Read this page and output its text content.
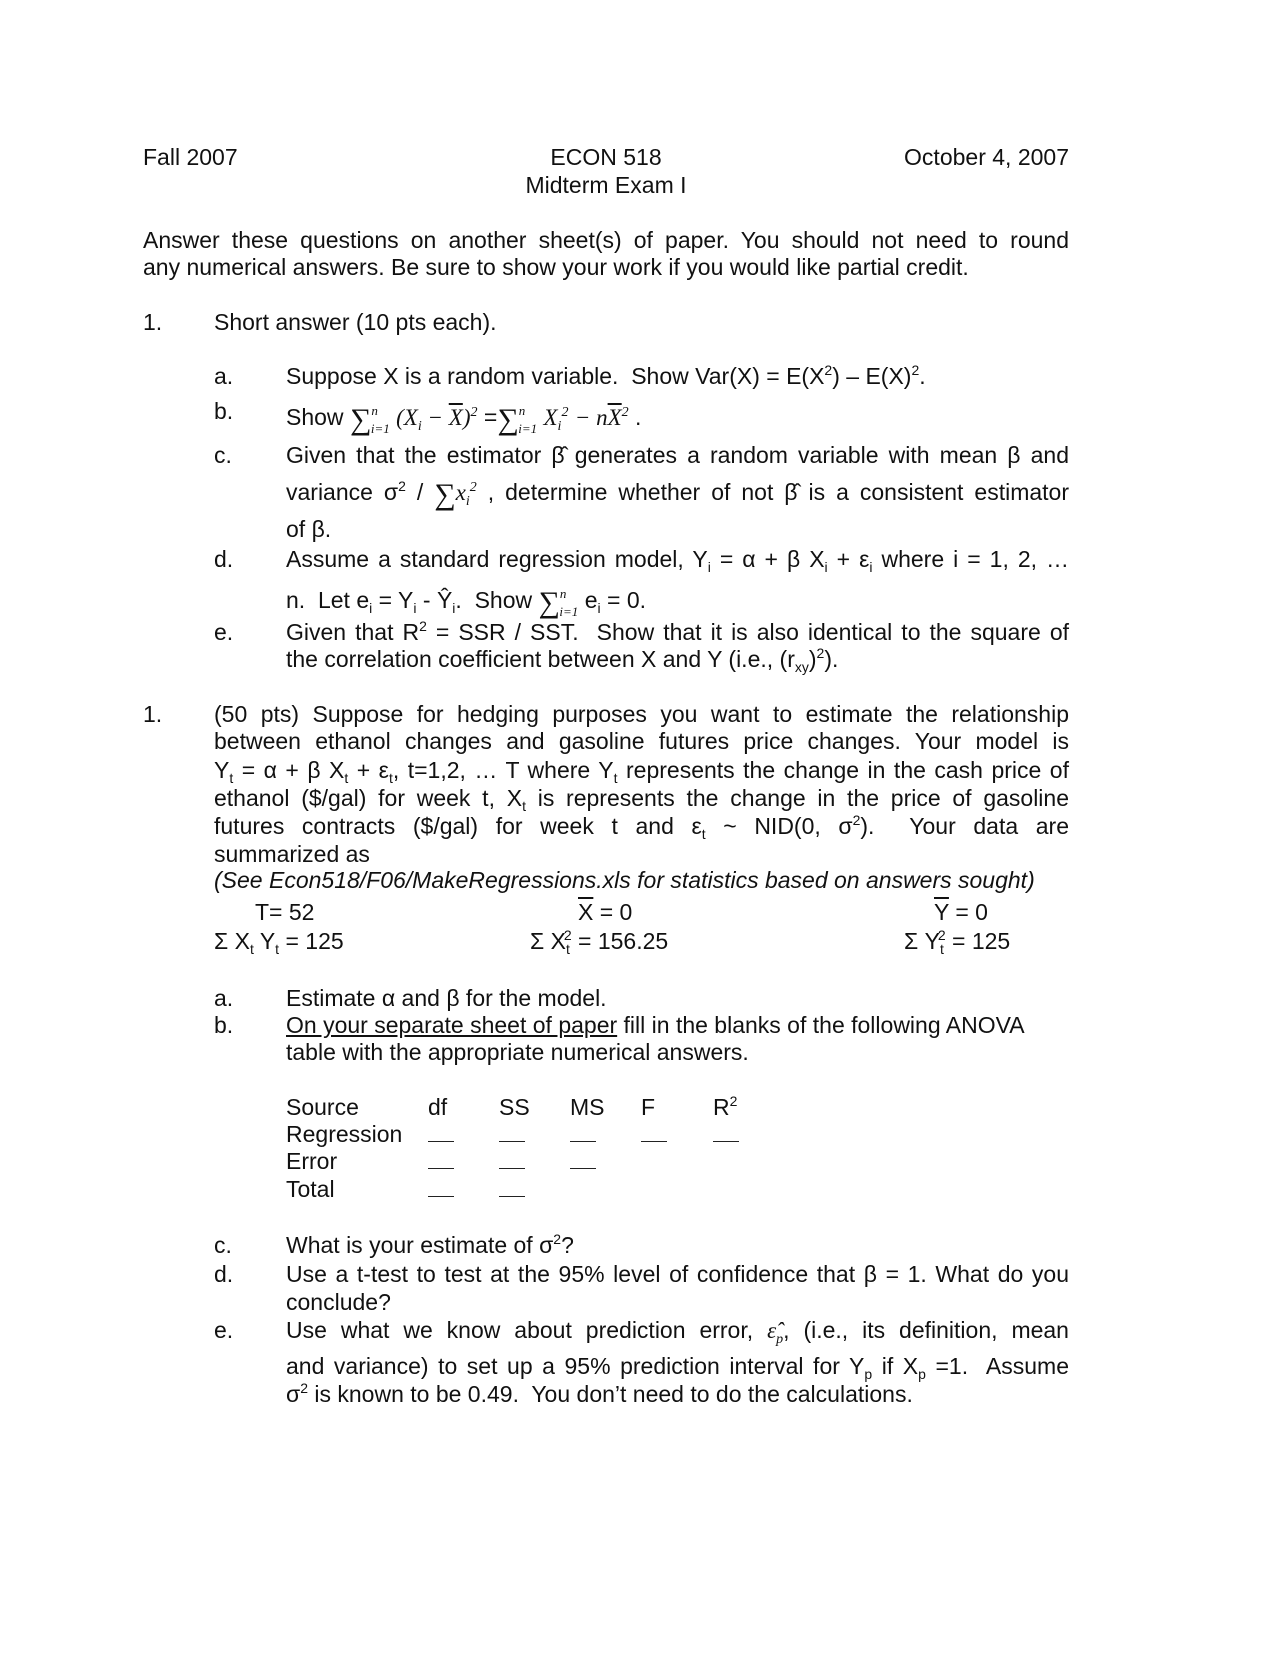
Fall 2007	ECON 518
Midterm Exam I
October 4, 2007
Answer these questions on another sheet(s) of paper. You should not need to round
any numerical answers. Be sure to show your work if you would like partial credit.
1. Short answer (10 pts each).
a. Suppose X is a random variable.  Show $Var(X) = E(X^2) - E(X)^2$.
b. Show ∑$^n_{i=1}$ $(X_i - \overline{X})^2 =\sum^n_{i=1}$ $X_i^2 - n\overline{X}^2$ .
c. Given that the estimator β̂ generates a random variable with mean β and
variance $\sigma^2 / \sum x_i^2$ , determine whether of not β̂ is a consistent estimator
of β.
d. Assume a standard regression model, $Y_i = \alpha + \beta$ $X_i + \varepsilon_i$ where i = 1, 2, …
n.  Let $e_i = Y_i$ - $Ŷ_i$.  Show ∑$^n_{i=1}$ $e_i = 0$.
e. Given that $R^2$ = SSR / SST.  Show that it is also identical to the square of
the correlation coefficient between X and Y (i.e., $(r_{xy})^2$).
1. (50 pts) Suppose for hedging purposes you want to estimate the relationship
between ethanol changes and gasoline futures price changes. Your model is
$Y_t = \alpha + \beta$ $X_t + \varepsilon_t$, t=1,2, … T where $Y_t$ represents the change in the cash price of
ethanol ($/gal) for week t, $X_t$ is represents the change in the price of gasoline
futures contracts ($/gal) for week t and $\varepsilon_t$ ~ NID(0, $\sigma^2$).  Your data are
summarized as
(See Econ518/F06/MakeRegressions.xls for statistics based on answers sought)
T= 52	$\overline{X} = 0$	$\overline{Y} = 0$
Σ $X_t$ $Y_t = 125$	Σ $X_t^2 = 156.25$	Σ $Y_t^2 = 125$
a. Estimate α and β for the model.
b. On your separate sheet of paper fill in the blanks of the following ANOVA
table with the appropriate numerical answers.
Source	df SS MS F	$R^2$
Regression
Error
Total
c. What is your estimate of $\sigma^2$?
d. Use a t-test to test at the 95% level of confidence that β = 1. What do you
conclude?
e. Use what we know about prediction error, $\varepsilon̂_p$, (i.e., its definition, mean
and variance) to set up a 95% prediction interval for $Y_p$ if $X_p =1$.  Assume
$\sigma^2$ is known to be 0.49.  You don’t need to do the calculations.
